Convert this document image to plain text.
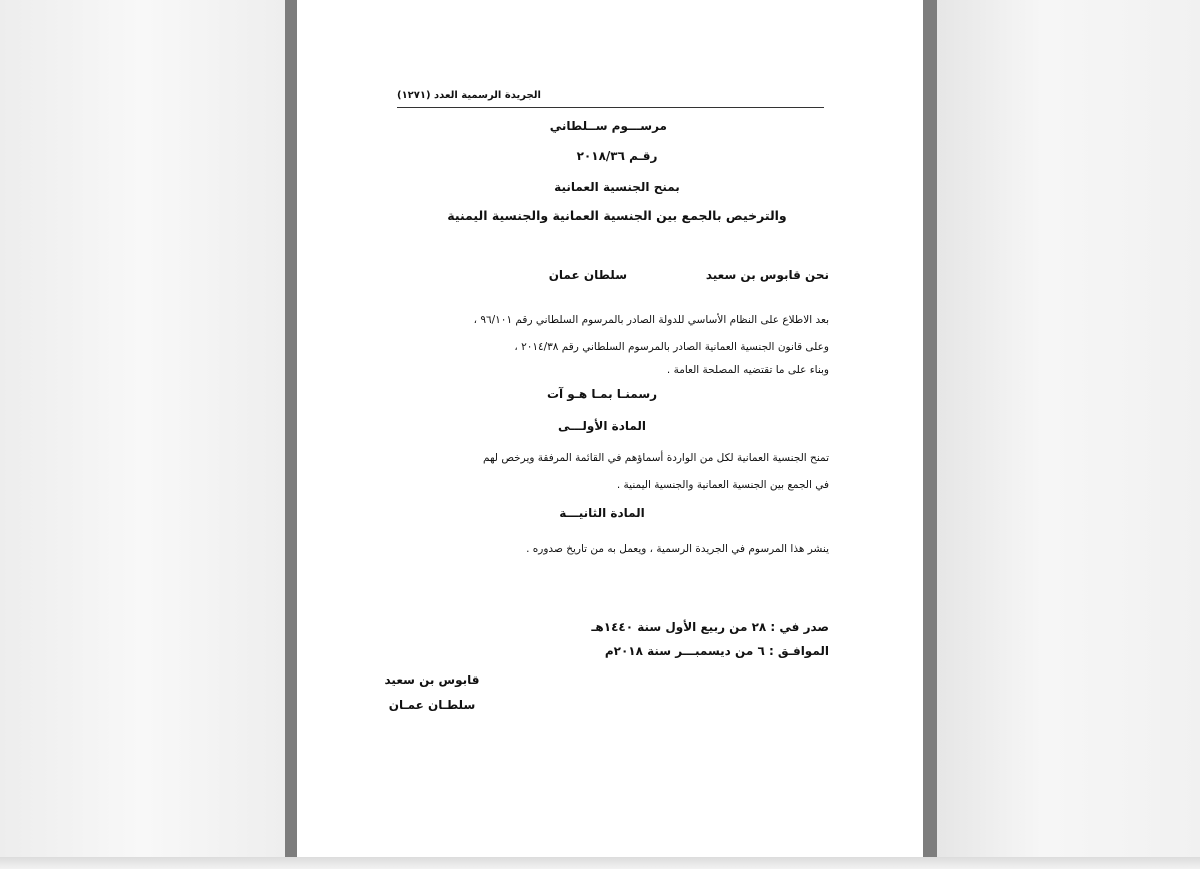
الجريدة الرسمية العدد (١٢٧١)
مرســـوم ســلطاني
رقـم ٢٠١٨/٣٦
بمنح الجنسية العمانية
والترخيص بالجمع بين الجنسية العمانية والجنسية اليمنية
نحن قابوس بن سعيد
سلطان عمان
بعد الاطلاع على النظام الأساسي للدولة الصادر بالمرسوم السلطاني رقم ٩٦/١٠١ ،
وعلى قانون الجنسية العمانية الصادر بالمرسوم السلطاني رقم ٢٠١٤/٣٨ ،
وبناء على ما تقتضيه المصلحة العامة .
رسمنـا بمـا هـو آت
المادة الأولـــى
تمنح الجنسية العمانية لكل من الواردة أسماؤهم في القائمة المرفقة ويرخص لهم
في الجمع بين الجنسية العمانية والجنسية اليمنية .
المادة الثانيـــة
ينشر هذا المرسوم في الجريدة الرسمية ، ويعمل به من تاريخ صدوره .
صدر في : ٢٨ من ربيع الأول سنة ١٤٤٠هـ
الموافـق : ٦ من ديسمبـــر سنة ٢٠١٨م
قابوس بن سعيد
سلطـان عمـان
